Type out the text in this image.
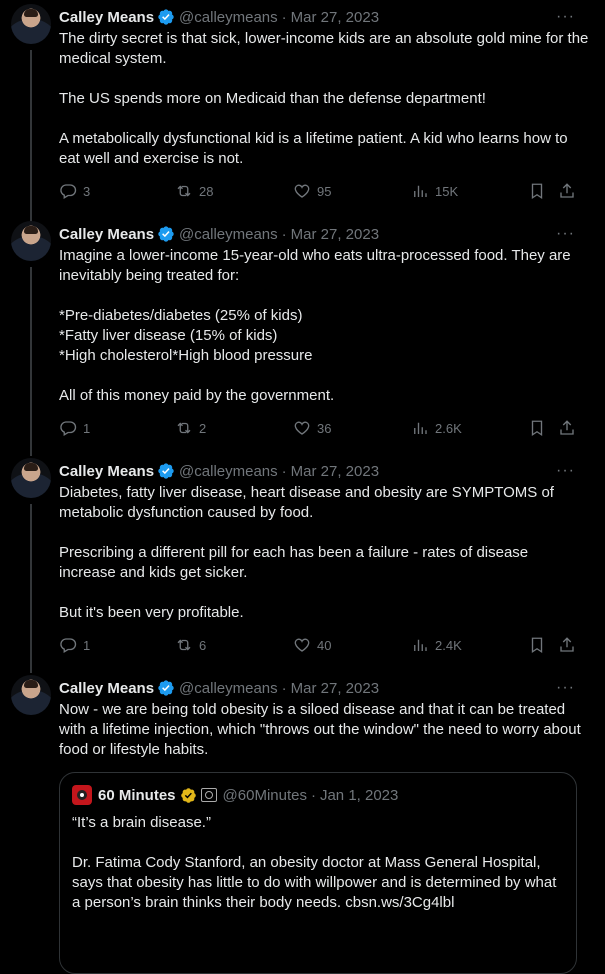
Calley Means @calleymeans · Mar 27, 2023	···

The dirty secret is that sick, lower-income kids are an absolute gold mine for the medical system.

The US spends more on Medicaid than the defense department!

A metabolically dysfunctional kid is a lifetime patient. A kid who learns how to eat well and exercise is not.

3	28	95	15K
Calley Means @calleymeans · Mar 27, 2023	···

Imagine a lower-income 15-year-old who eats ultra-processed food. They are inevitably being treated for:

*Pre-diabetes/diabetes (25% of kids)

*Fatty liver disease (15% of kids)

*High cholesterol*High blood pressure

All of this money paid by the government.

1	2	36	2.6K
Calley Means @calleymeans · Mar 27, 2023	···

Diabetes, fatty liver disease, heart disease and obesity are SYMPTOMS of metabolic dysfunction caused by food.

Prescribing a different pill for each has been a failure - rates of disease increase and kids get sicker.

But it's been very profitable.

1	6	40	2.4K
Calley Means @calleymeans · Mar 27, 2023	···

Now - we are being told obesity is a siloed disease and that it can be treated with a lifetime injection, which "throws out the window" the need to worry about food or lifestyle habits.

60 Minutes	@60Minutes · Jan 1, 2023

“It’s a brain disease.”

Dr. Fatima Cody Stanford, an obesity doctor at Mass General Hospital, says that obesity has little to do with willpower and is determined by what a person’s brain thinks their body needs. cbsn.ws/3Cg4lbl
